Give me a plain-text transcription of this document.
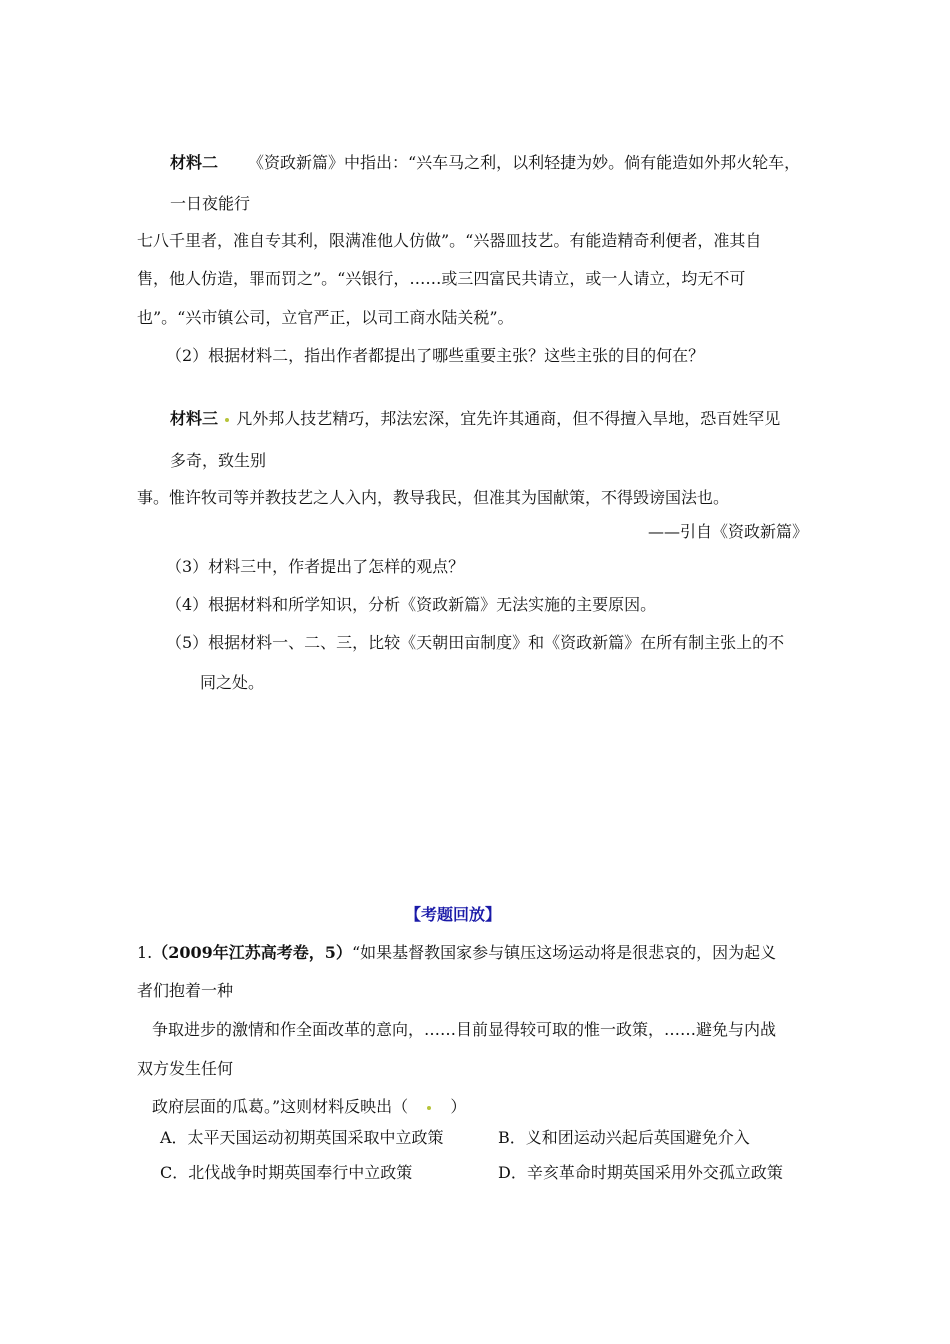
材料二 《资政新篇》中指出：“兴车马之利，以利轻捷为妙。倘有能造如外邦火轮车，
一日夜能行
七八千里者，准自专其利，限满准他人仿做”。“兴器皿技艺。有能造精奇利便者，准其自
售，他人仿造，罪而罚之”。“兴银行，……或三四富民共请立，或一人请立，均无不可
也”。“兴市镇公司，立官严正，以司工商水陆关税”。
（2）根据材料二，指出作者都提出了哪些重要主张？这些主张的目的何在？
材料三 凡外邦人技艺精巧，邦法宏深，宜先许其通商，但不得擅入旱地，恐百姓罕见
多奇，致生别
事。惟许牧司等并教技艺之人入内，教导我民，但准其为国献策，不得毁谤国法也。
——引自《资政新篇》
（3）材料三中，作者提出了怎样的观点？
（4）根据材料和所学知识，分析《资政新篇》无法实施的主要原因。
（5）根据材料一、二、三，比较《天朝田亩制度》和《资政新篇》在所有制主张上的不
同之处。
【考题回放】
1.（2009年江苏高考卷，5）“如果基督教国家参与镇压这场运动将是很悲哀的，因为起义
者们抱着一种
争取进步的激情和作全面改革的意向，……目前显得较可取的惟一政策，……避免与内战
双方发生任何
政府层面的瓜葛。”这则材料反映出（	）
A．太平天国运动初期英国采取中立政策	B．义和团运动兴起后英国避免介入
C．北伐战争时期英国奉行中立政策	D．辛亥革命时期英国采用外交孤立政策
